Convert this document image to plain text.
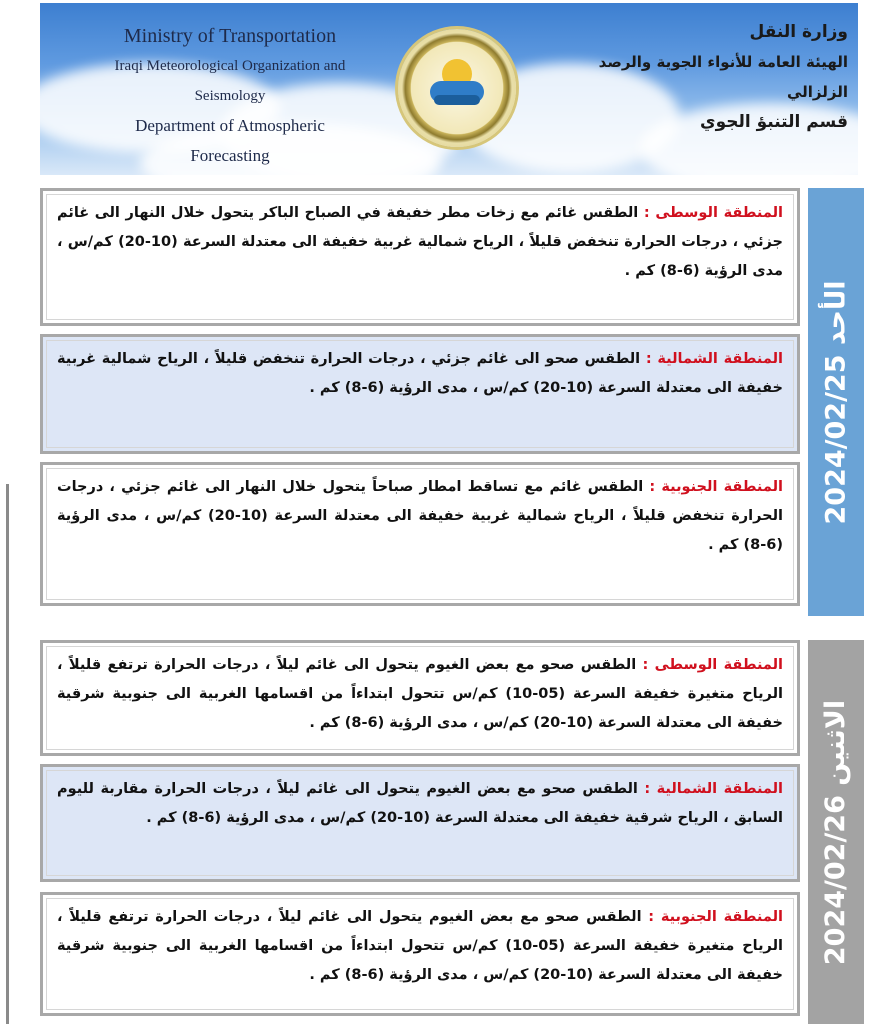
Ministry of Transportation
Iraqi Meteorological Organization and Seismology
Department of Atmospheric Forecasting
وزارة النقل
الهيئة العامة للأنواء الجوية والرصد الزلزالي
قسم التنبؤ الجوي
الأحد 2024/02/25
المنطقة الوسطى : الطقس غائم مع زخات مطر خفيفة في الصباح الباكر يتحول خلال النهار الى غائم جزئي ، درجات الحرارة تنخفض قليلاً ، الرياح شمالية غربية خفيفة الى معتدلة السرعة (10-20) كم/س ، مدى الرؤية (6-8) كم .
المنطقة الشمالية : الطقس صحو الى غائم جزئي ، درجات الحرارة تنخفض قليلاً ، الرياح شمالية غربية خفيفة الى معتدلة السرعة (10-20) كم/س ، مدى الرؤية (6-8) كم .
المنطقة الجنوبية : الطقس غائم مع تساقط امطار صباحاً يتحول خلال النهار الى غائم جزئي ، درجات الحرارة تنخفض قليلاً ، الرياح شمالية غربية خفيفة الى معتدلة السرعة (10-20) كم/س ، مدى الرؤية (6-8) كم .
الاثنين 2024/02/26
المنطقة الوسطى : الطقس صحو مع بعض الغيوم يتحول الى غائم ليلاً ، درجات الحرارة ترتفع قليلاً ، الرياح متغيرة خفيفة السرعة (05-10) كم/س تتحول ابتداءاً من اقسامها الغربية الى جنوبية شرقية خفيفة الى معتدلة السرعة (10-20) كم/س ، مدى الرؤية (6-8) كم .
المنطقة الشمالية : الطقس صحو مع بعض الغيوم يتحول الى غائم ليلاً ، درجات الحرارة مقاربة لليوم السابق ، الرياح شرقية خفيفة الى معتدلة السرعة (10-20) كم/س ، مدى الرؤية (6-8) كم .
المنطقة الجنوبية : الطقس صحو مع بعض الغيوم يتحول الى غائم ليلاً ، درجات الحرارة ترتفع قليلاً ، الرياح متغيرة خفيفة السرعة (05-10) كم/س تتحول ابتداءاً من اقسامها الغربية الى جنوبية شرقية خفيفة الى معتدلة السرعة (10-20) كم/س ، مدى الرؤية (6-8) كم .
